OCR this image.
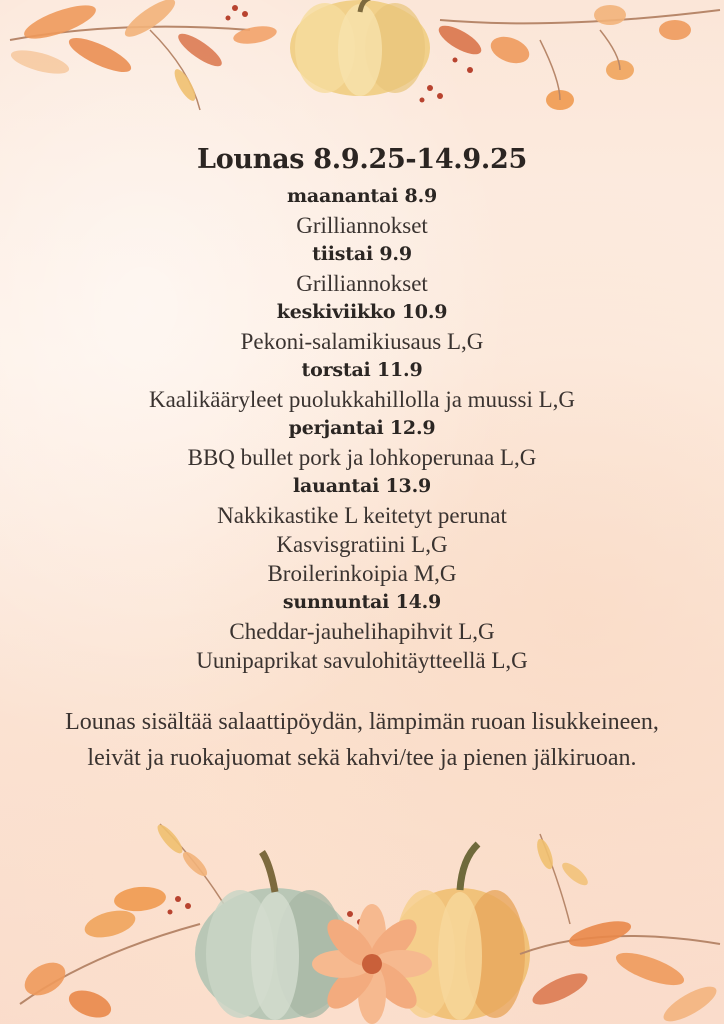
Lounas 8.9.25-14.9.25
maanantai 8.9
Grilliannokset
tiistai 9.9
Grilliannokset
keskiviikko 10.9
Pekoni-salamikiusaus L,G
torstai 11.9
Kaalikääryleet puolukkahillolla ja muussi L,G
perjantai 12.9
BBQ bullet pork ja lohkoperunaa L,G
lauantai 13.9
Nakkikastike L keitetyt perunat
Kasvisgratiini L,G
Broilerinkoipia M,G
sunnuntai 14.9
Cheddar-jauhelihapihvit L,G
Uunipaprikat savulohitäytteellä L,G
Lounas sisältää salaattipöydän, lämpimän ruoan lisukkeineen, leivät ja ruokajuomat sekä kahvi/tee ja pienen jälkiruoan.
